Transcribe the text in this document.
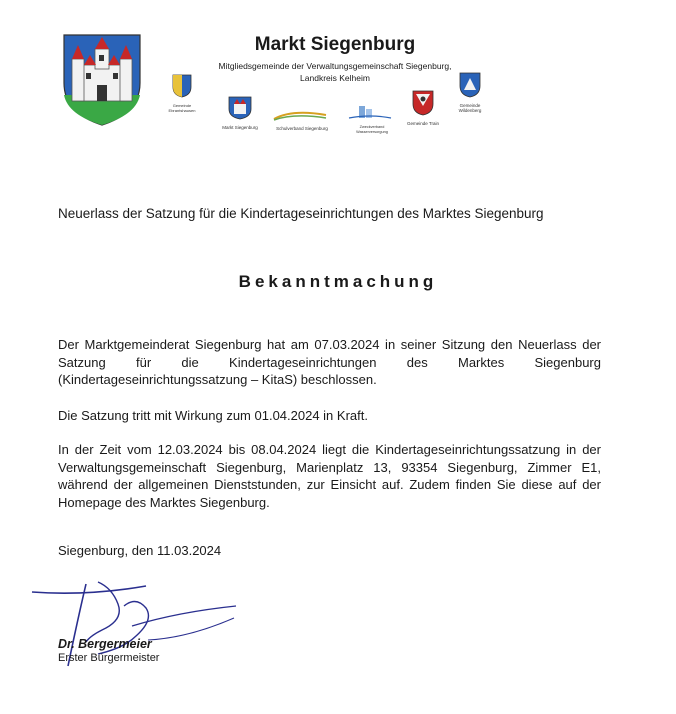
Markt Siegenburg
Mitgliedsgemeinde der Verwaltungsgemeinschaft Siegenburg,
Landkreis Kelheim
Gemeinde Ebrantshausen
Markt Siegenburg	Schulverband Siegenburg	Zweckverband Wasserversorgung
Gemeinde Train
Gemeinde Wildenberg
Neuerlass der Satzung für die Kindertageseinrichtungen des Marktes Siegenburg
Bekanntmachung
Der Marktgemeinderat Siegenburg hat am 07.03.2024 in seiner Sitzung den Neuerlass der Satzung für die Kindertageseinrichtungen des Marktes Siegenburg (Kindertageseinrichtungssatzung – KitaS) beschlossen.
Die Satzung tritt mit Wirkung zum 01.04.2024 in Kraft.
In der Zeit vom 12.03.2024 bis 08.04.2024 liegt die Kindertageseinrichtungssatzung in der Verwaltungsgemeinschaft Siegenburg, Marienplatz 13, 93354 Siegenburg, Zimmer E1, während der allgemeinen Dienststunden, zur Einsicht auf. Zudem finden Sie diese auf der Homepage des Marktes Siegenburg.
Siegenburg, den 11.03.2024
Dr. Bergermeier
Erster Bürgermeister
